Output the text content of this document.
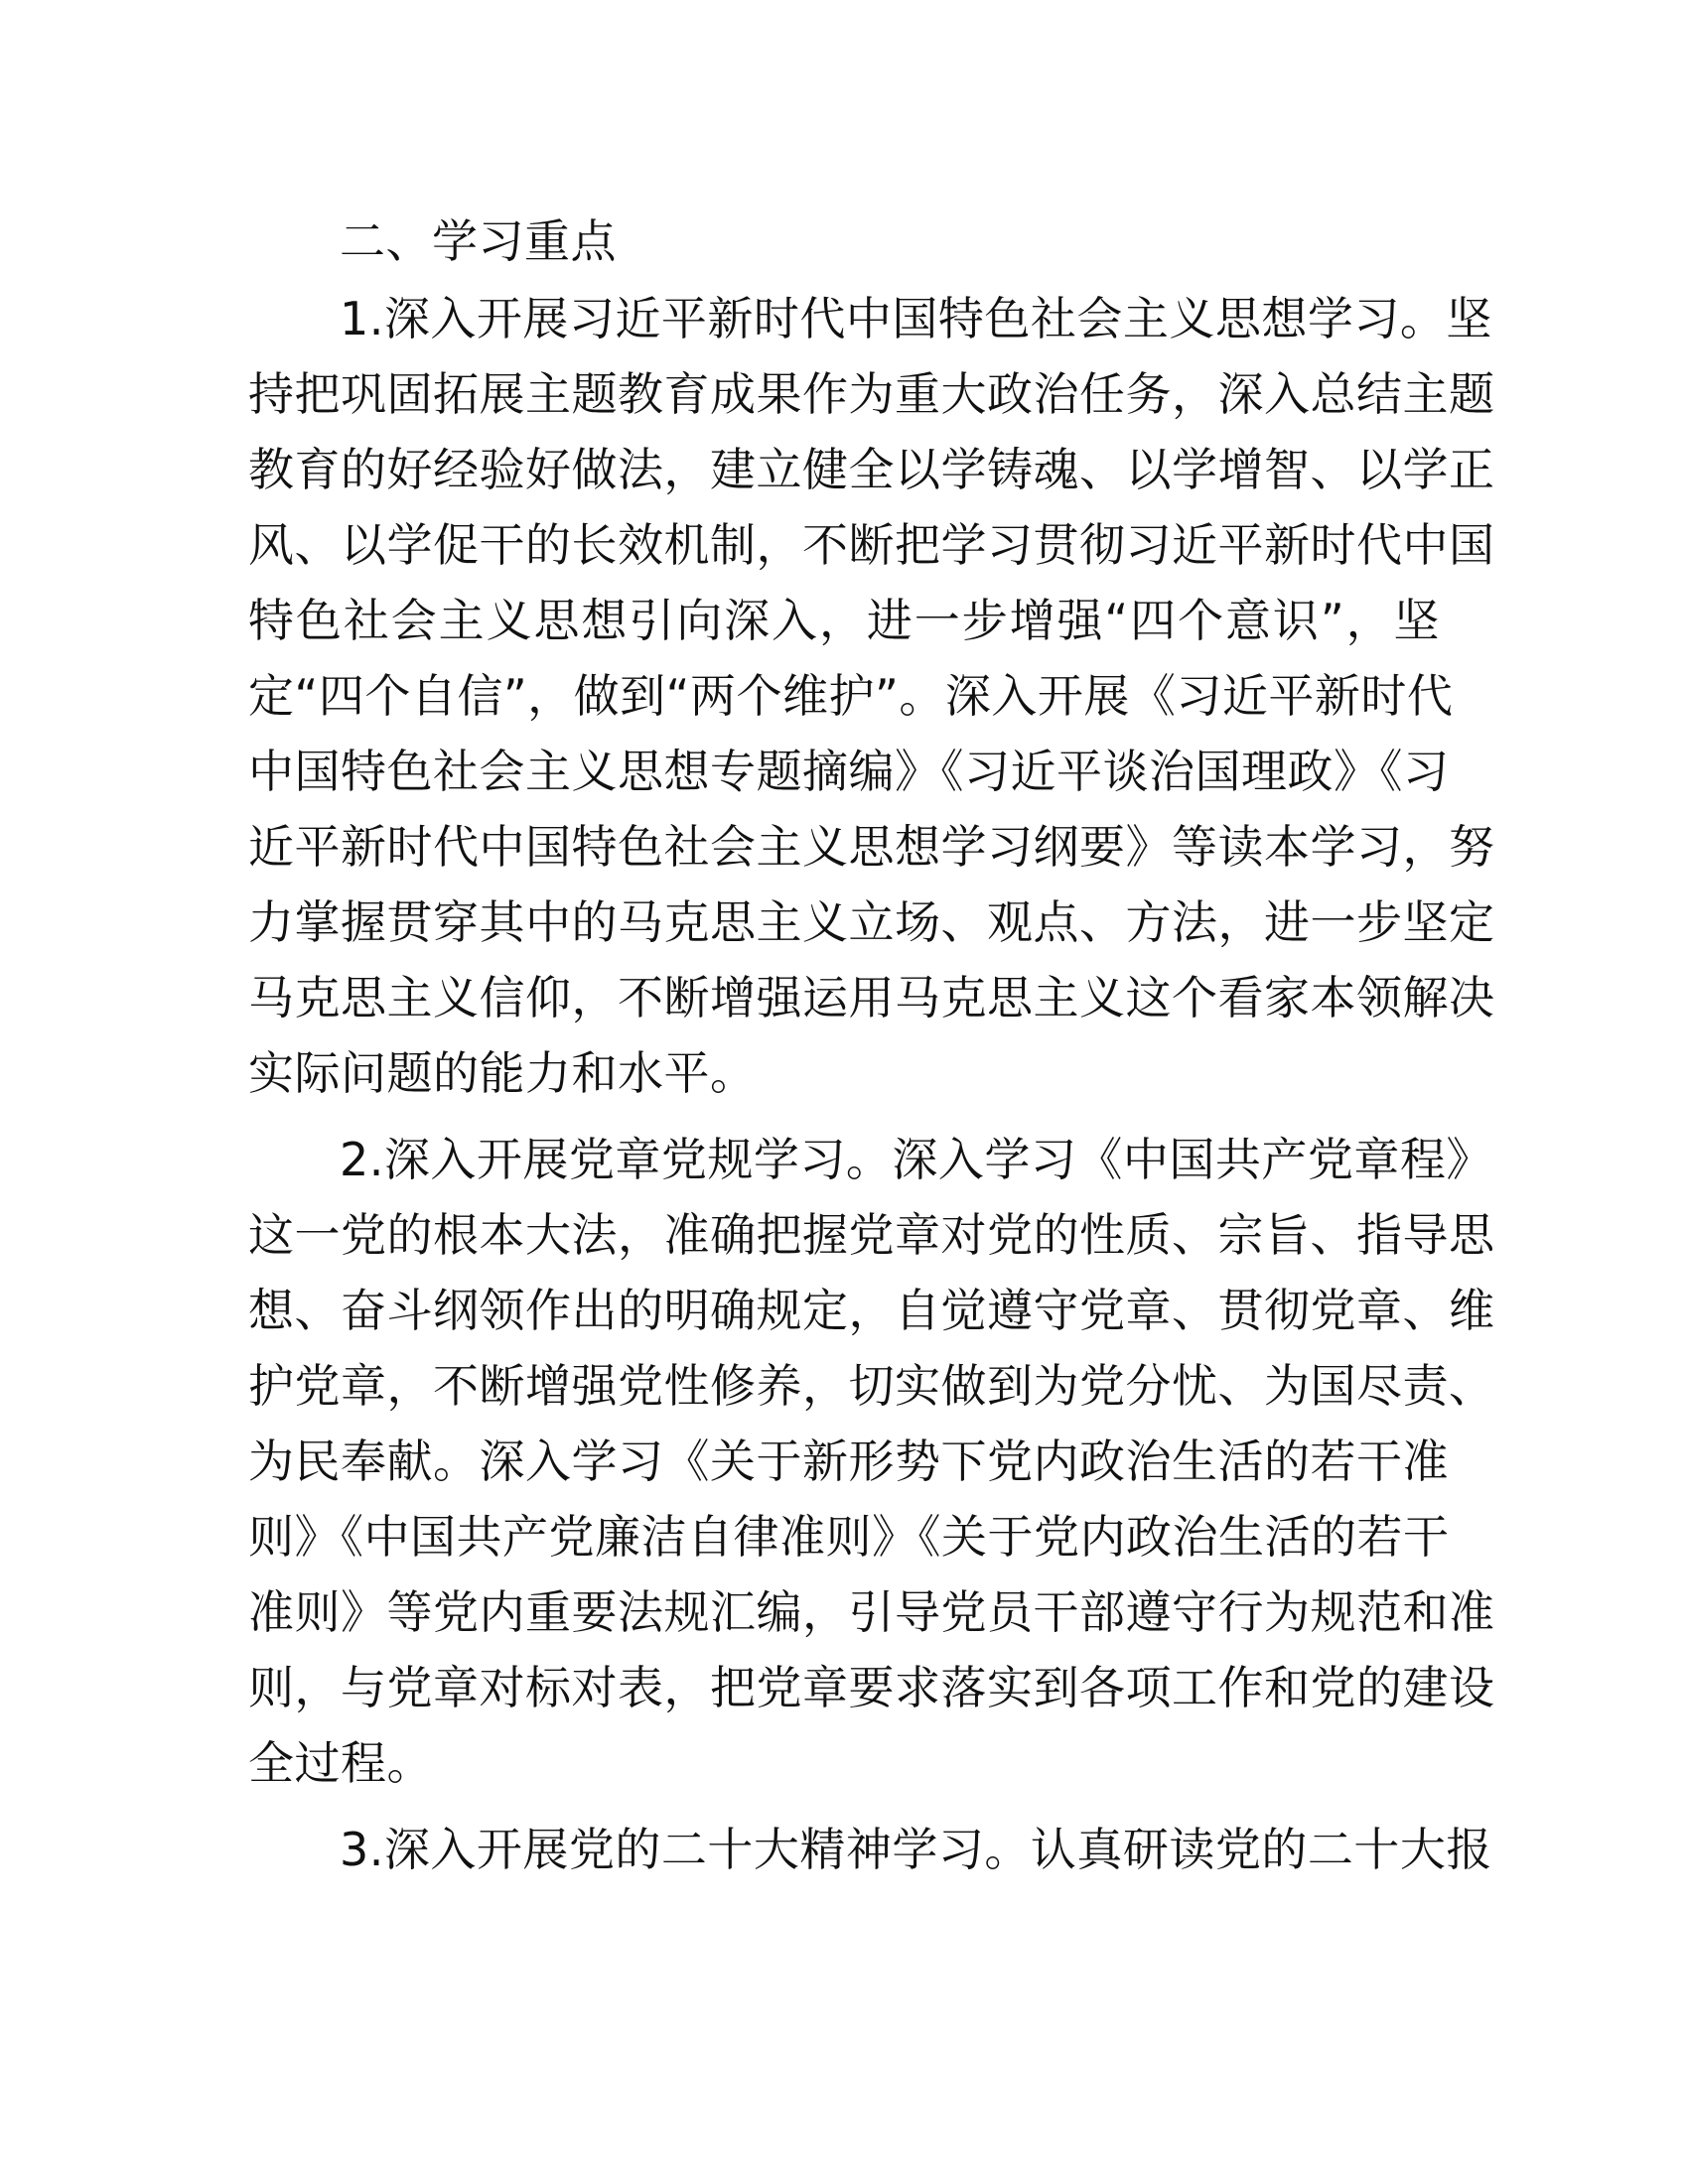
二、学习重点
1.深入开展习近平新时代中国特色社会主义思想学习。坚
持把巩固拓展主题教育成果作为重大政治任务，深入总结主题
教育的好经验好做法，建立健全以学铸魂、以学增智、以学正
风、以学促干的长效机制，不断把学习贯彻习近平新时代中国
特色社会主义思想引向深入，进一步增强“四个意识”，坚
定“四个自信”，做到“两个维护”。深入开展《习近平新时代
中国特色社会主义思想专题摘编》《习近平谈治国理政》《习
近平新时代中国特色社会主义思想学习纲要》等读本学习，努
力掌握贯穿其中的马克思主义立场、观点、方法，进一步坚定
马克思主义信仰，不断增强运用马克思主义这个看家本领解决
实际问题的能力和水平。
2.深入开展党章党规学习。深入学习《中国共产党章程》
这一党的根本大法，准确把握党章对党的性质、宗旨、指导思
想、奋斗纲领作出的明确规定，自觉遵守党章、贯彻党章、维
护党章，不断增强党性修养，切实做到为党分忧、为国尽责、
为民奉献。深入学习《关于新形势下党内政治生活的若干准
则》《中国共产党廉洁自律准则》《关于党内政治生活的若干
准则》等党内重要法规汇编，引导党员干部遵守行为规范和准
则，与党章对标对表，把党章要求落实到各项工作和党的建设
全过程。
3.深入开展党的二十大精神学习。认真研读党的二十大报
